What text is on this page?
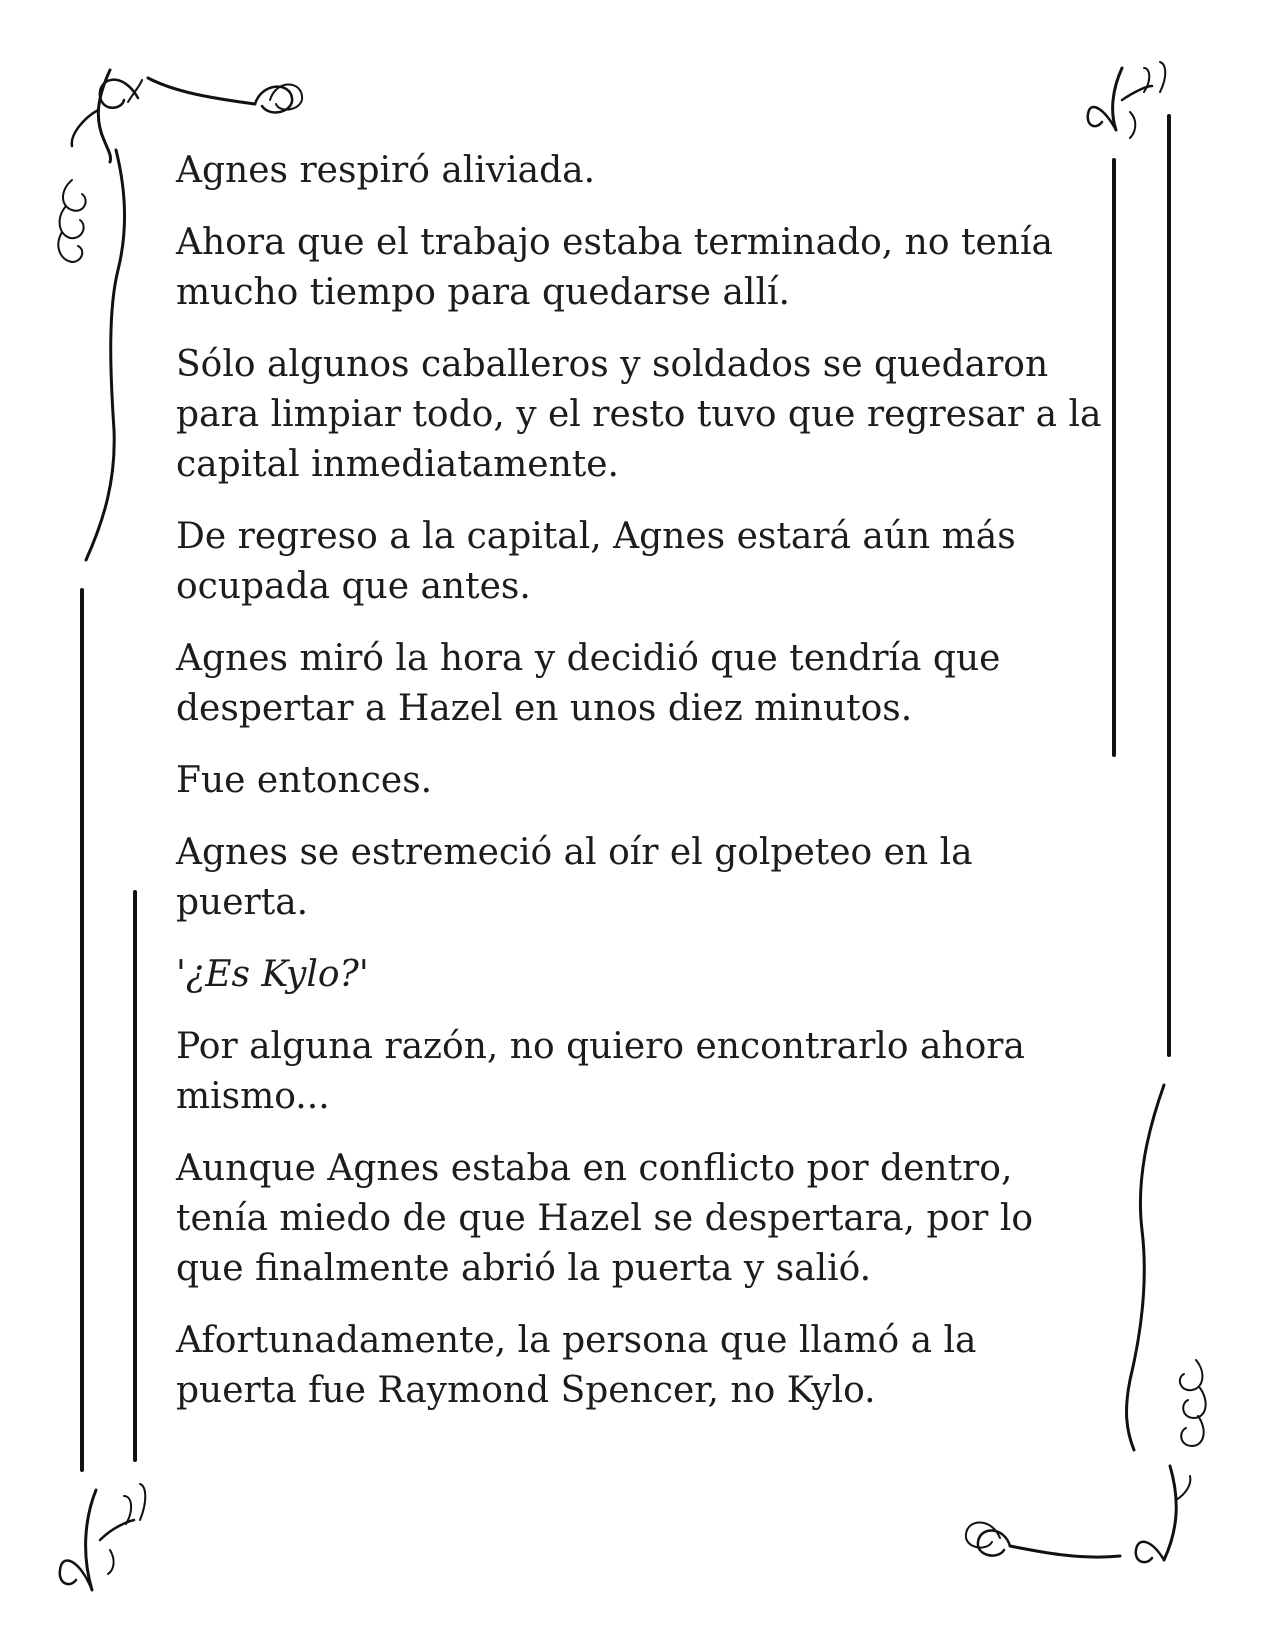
Agnes respiró aliviada.

Ahora que el trabajo estaba terminado, no tenía mucho tiempo para quedarse allí.

Sólo algunos caballeros y soldados se quedaron para limpiar todo, y el resto tuvo que regresar a la capital inmediatamente.

De regreso a la capital, Agnes estará aún más ocupada que antes.

Agnes miró la hora y decidió que tendría que despertar a Hazel en unos diez minutos.

Fue entonces.

Agnes se estremeció al oír el golpeteo en la puerta.

'¿Es Kylo?'

Por alguna razón, no quiero encontrarlo ahora mismo...

Aunque Agnes estaba en conflicto por dentro, tenía miedo de que Hazel se despertara, por lo que finalmente abrió la puerta y salió.

Afortunadamente, la persona que llamó a la puerta fue Raymond Spencer, no Kylo.
